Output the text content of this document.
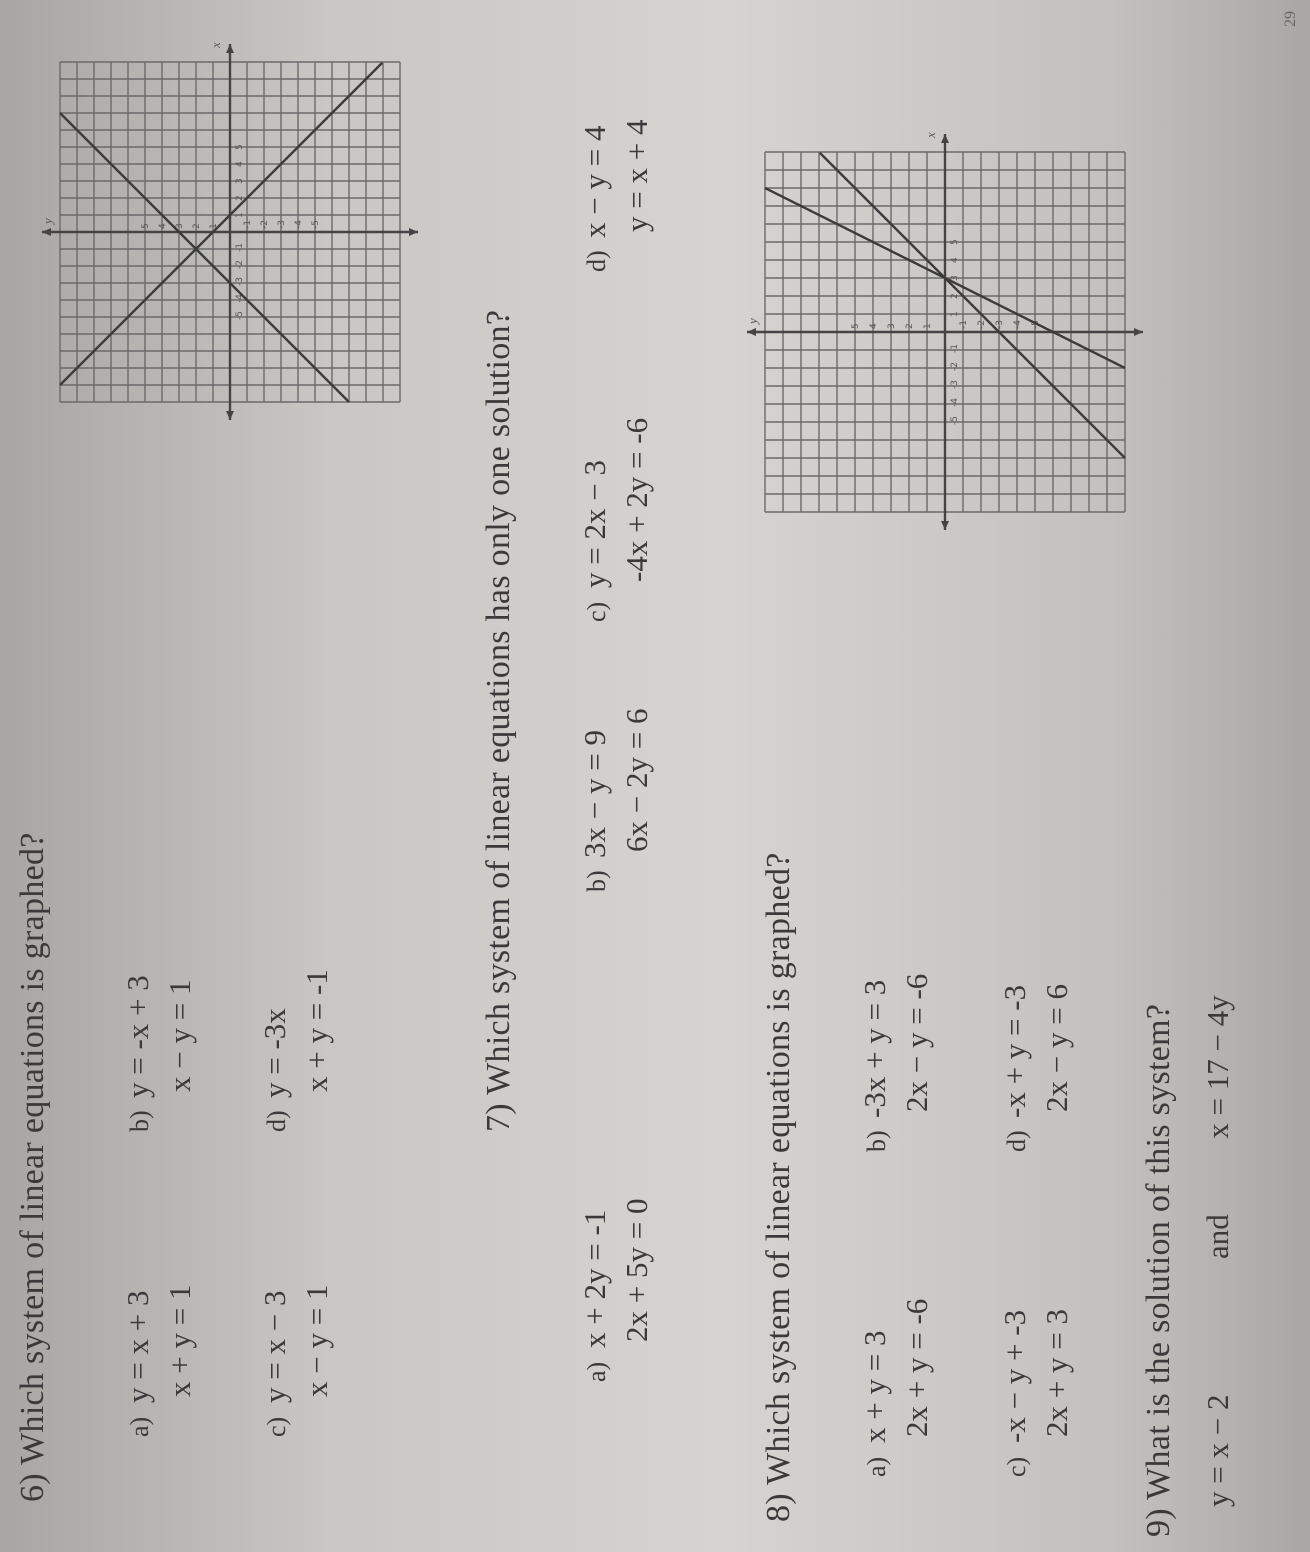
6) Which system of linear equations is graphed?	a)y = x + 3 x + y = 1
b)y = -x + 3 x − y = 1
c)y = x − 3 x − y = 1
d)y = -3x x + y = -1
x
y
-5
-5
-4
-4
-3
-3
-2
-2
-1
-1
1
1
2
2
3
3
4
4
5
5
7) Which system of linear equations has only one solution?
a)x + 2y = -1 2x + 5y = 0
b)3x − y = 9 6x − 2y = 6
c)y = 2x − 3 -4x + 2y = -6
d)x − y = 4 y = x + 4
8) Which system of linear equations is graphed?	a)x + y = 3 2x + y = -6
b)-3x + y = 3 2x − y = -6
c)-x − y + -3 2x + y = 3
d)-x + y = -3 2x − y = 6
x
y
-5
-5
-4
-4
-3
-3
-2
-2
-1
-1
1
1
2
2
3
3
4
4
5
5
9) What is the solution of this system? y = x − 2  and  x = 17 − 4y
29
